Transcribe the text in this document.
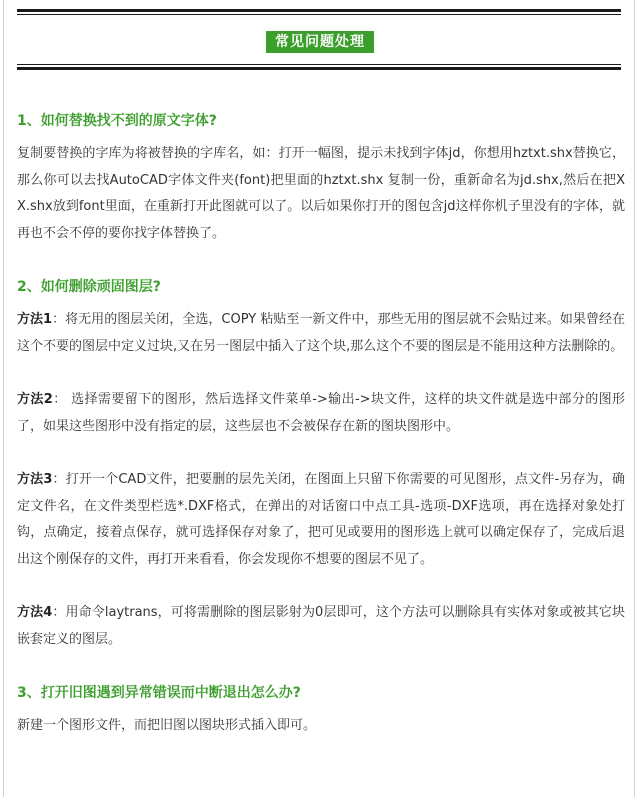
常见问题处理

1、如何替换找不到的原文字体?

复制要替换的字库为将被替换的字库名，如：打开一幅图，提示未找到字体jd，你想用hztxt.shx替换它，那么你可以去找AutoCAD字体文件夹(font)把里面的hztxt.shx 复制一份，重新命名为jd.shx,然后在把XX.shx放到font里面，在重新打开此图就可以了。以后如果你打开的图包含jd这样你机子里没有的字体，就再也不会不停的要你找字体替换了。

2、如何删除顽固图层?

方法1：将无用的图层关闭，全选，COPY 粘贴至一新文件中，那些无用的图层就不会贴过来。如果曾经在这个不要的图层中定义过块,又在另一图层中插入了这个块,那么这个不要的图层是不能用这种方法删除的。

方法2： 选择需要留下的图形，然后选择文件菜单->输出->块文件，这样的块文件就是选中部分的图形了，如果这些图形中没有指定的层，这些层也不会被保存在新的图块图形中。

方法3：打开一个CAD文件，把要删的层先关闭，在图面上只留下你需要的可见图形，点文件-另存为，确定文件名，在文件类型栏选*.DXF格式，在弹出的对话窗口中点工具-选项-DXF选项，再在选择对象处打钩，点确定，接着点保存，就可选择保存对象了，把可见或要用的图形选上就可以确定保存了，完成后退出这个刚保存的文件，再打开来看看，你会发现你不想要的图层不见了。

方法4：用命令laytrans，可将需删除的图层影射为0层即可，这个方法可以删除具有实体对象或被其它块嵌套定义的图层。

3、打开旧图遇到异常错误而中断退出怎么办?

新建一个图形文件，而把旧图以图块形式插入即可。
